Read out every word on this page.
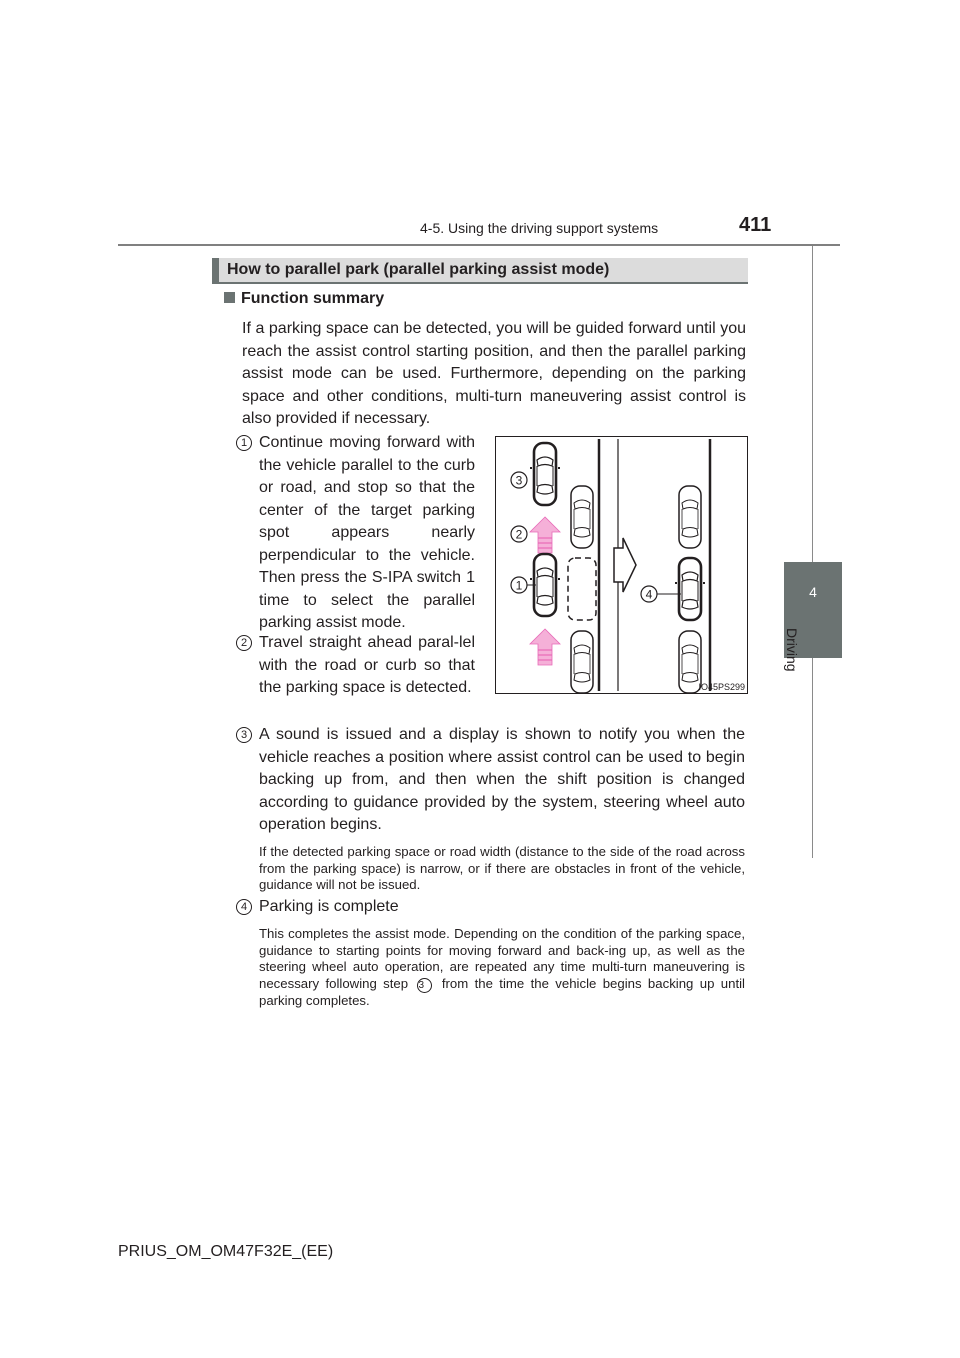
4-5. Using the driving support systems	411
4
Driving
How to parallel park (parallel parking assist mode)
Function summary
If a parking space can be detected, you will be guided forward until you reach the assist control starting position, and then the parallel parking assist mode can be used. Furthermore, depending on the parking space and other conditions, multi-turn maneuvering assist control is also provided if necessary.
1 Continue moving forward with the vehicle parallel to the curb or road, and stop so that the center of the target parking spot appears nearly perpendicular to the vehicle. Then press the S-IPA switch 1 time to select the parallel parking assist mode.
2 Travel straight ahead paral-lel with the road or curb so that the parking space is detected.
3 A sound is issued and a display is shown to notify you when the vehicle reaches a position where assist control can be used to begin backing up from, and then when the shift position is changed according to guidance provided by the system, steering wheel auto operation begins.
If the detected parking space or road width (distance to the side of the road across from the parking space) is narrow, or if there are obstacles in front of the vehicle, guidance will not be issued.
4 Parking is complete
This completes the assist mode. Depending on the condition of the parking space, guidance to starting points for moving forward and back-ing up, as well as the steering wheel auto operation, are repeated any time multi-turn maneuvering is necessary following step 3 from the time the vehicle begins backing up until parking completes.
3
2
1
4
IO45PS299
PRIUS_OM_OM47F32E_(EE)
